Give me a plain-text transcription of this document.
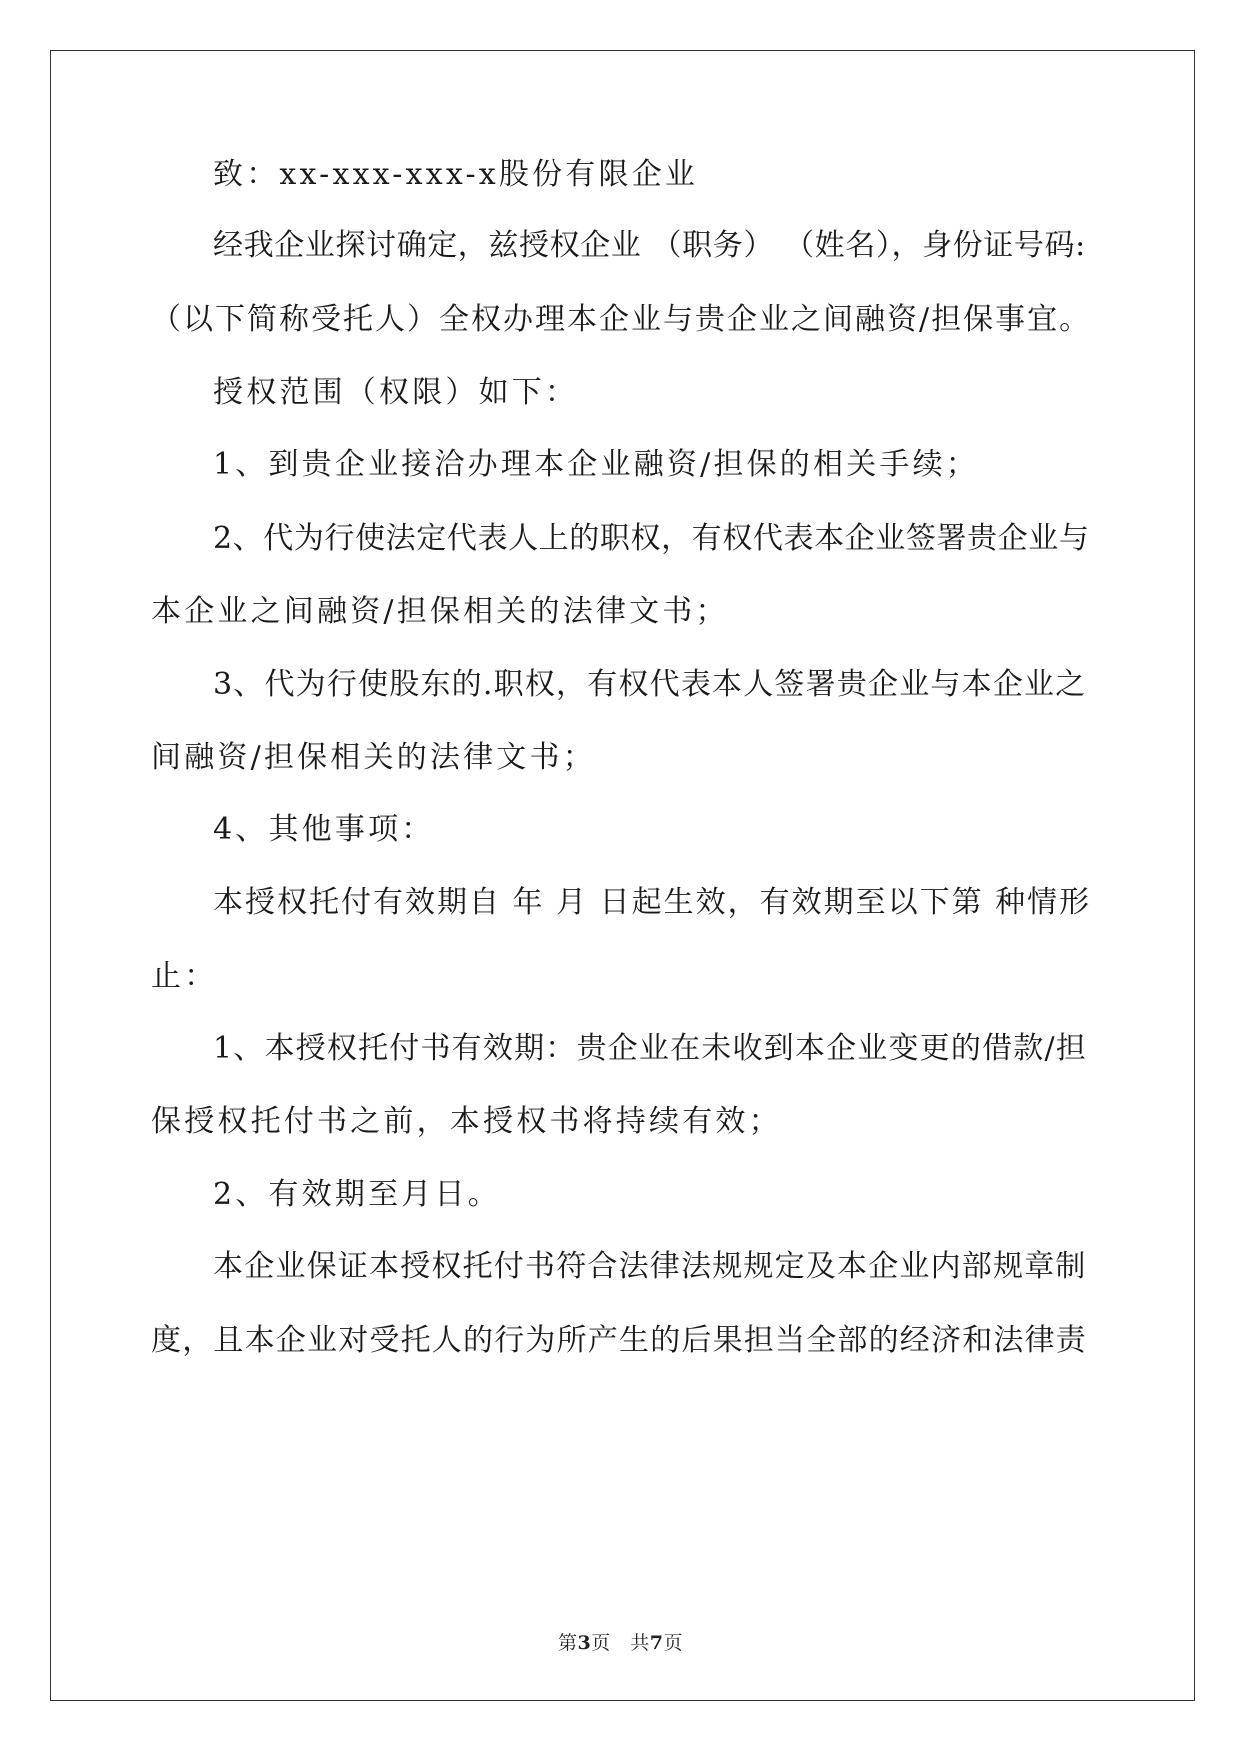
致：xx-xxx-xxx-x股份有限企业
经我企业探讨确定，兹授权企业 （职务） （姓名），身份证号码:
（以下简称受托人）全权办理本企业与贵企业之间融资/担保事宜。
授权范围（权限）如下：
1、到贵企业接洽办理本企业融资/担保的相关手续；
2、代为行使法定代表人上的职权，有权代表本企业签署贵企业与
本企业之间融资/担保相关的法律文书；
3、代为行使股东的.职权，有权代表本人签署贵企业与本企业之
间融资/担保相关的法律文书；
4、其他事项：
本授权托付有效期自 年 月 日起生效，有效期至以下第 种情形
止：
1、本授权托付书有效期：贵企业在未收到本企业变更的借款/担
保授权托付书之前，本授权书将持续有效；
2、有效期至月日。
本企业保证本授权托付书符合法律法规规定及本企业内部规章制
度，且本企业对受托人的行为所产生的后果担当全部的经济和法律责
第3页　共7页
